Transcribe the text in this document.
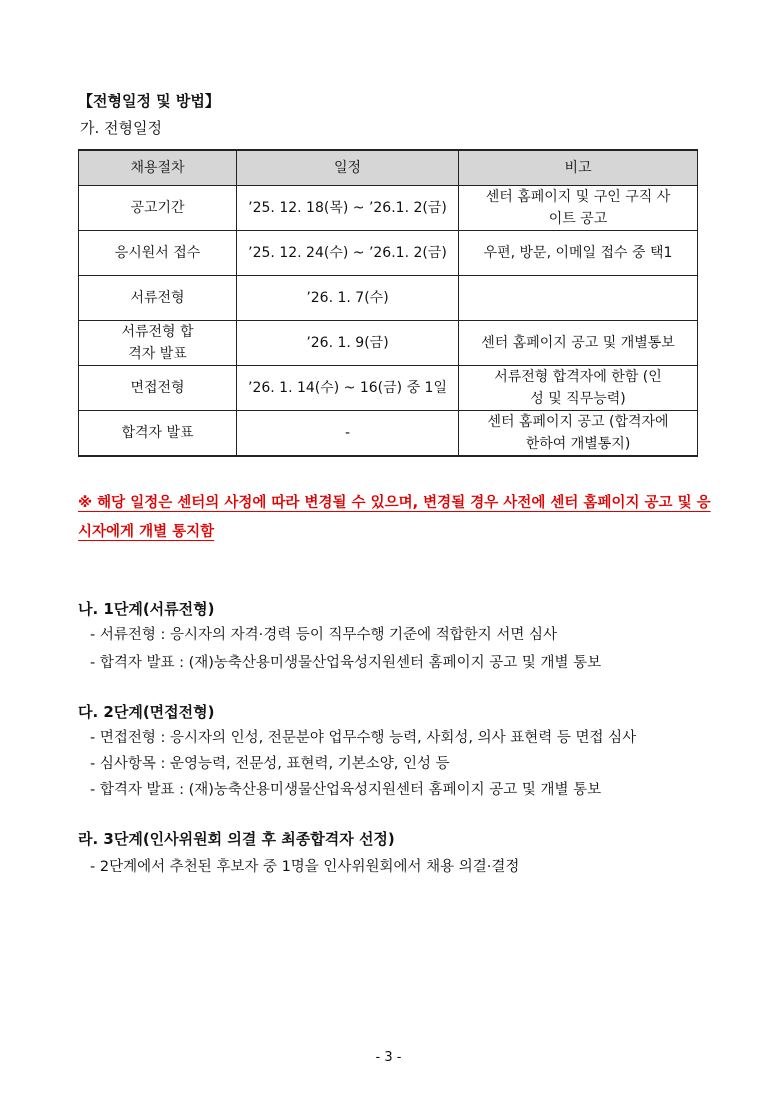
【전형일정 및 방법】
가. 전형일정
채용절차	일정	비고
공고기간	’25. 12. 18(목) ~ ’26.1. 2(금)	센터 홈페이지 및 구인 구직 사이트 공고
응시원서 접수	’25. 12. 24(수) ~ ’26.1. 2(금)	우편, 방문, 이메일 접수 중 택1
서류전형	’26. 1. 7(수)	
서류전형 합격자 발표	’26. 1. 9(금)	센터 홈페이지 공고 및 개별통보
면접전형	’26. 1. 14(수) ~ 16(금) 중 1일	서류전형 합격자에 한함 (인성 및 직무능력)
합격자 발표	-	센터 홈페이지 공고 (합격자에 한하여 개별통지)
※ 해당 일정은 센터의 사정에 따라 변경될 수 있으며, 변경될 경우 사전에 센터 홈페이지 공고 및 응시자에게 개별 통지함
나. 1단계(서류전형)
- 서류전형 : 응시자의 자격·경력 등이 직무수행 기준에 적합한지 서면 심사
- 합격자 발표 : (재)농축산용미생물산업육성지원센터 홈페이지 공고 및 개별 통보
다. 2단계(면접전형)
- 면접전형 : 응시자의 인성, 전문분야 업무수행 능력, 사회성, 의사 표현력 등 면접 심사
- 심사항목 : 운영능력, 전문성, 표현력, 기본소양, 인성 등
- 합격자 발표 : (재)농축산용미생물산업육성지원센터 홈페이지 공고 및 개별 통보
라. 3단계(인사위원회 의결 후 최종합격자 선정)
- 2단계에서 추천된 후보자 중 1명을 인사위원회에서 채용 의결·결정
- 3 -
